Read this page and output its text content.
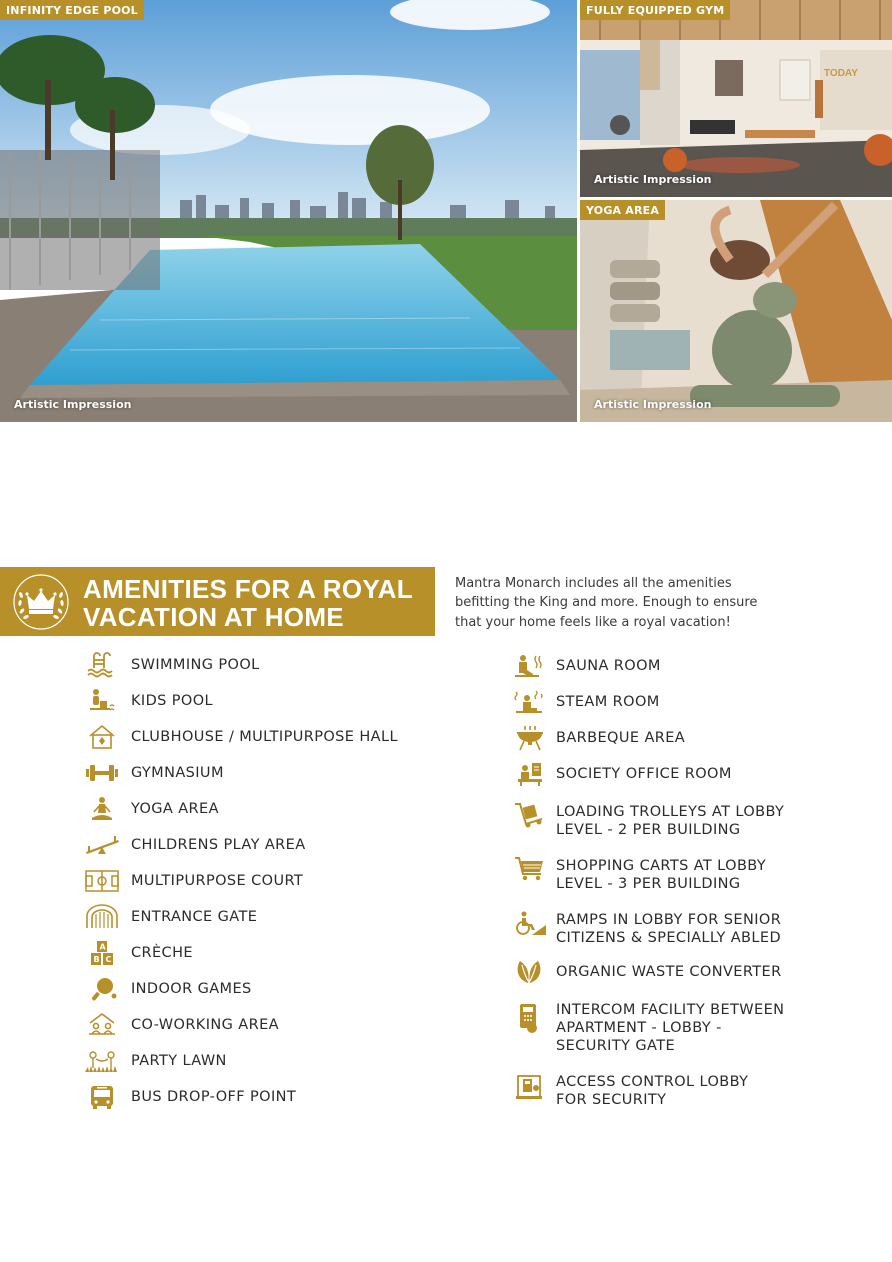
INFINITY EDGE POOL
Artistic Impression
TODAY
FULLY EQUIPPED GYM
Artistic Impression
YOGA AREA
Artistic Impression
AMENITIES FOR A ROYAL
VACATION AT HOME
Mantra Monarch includes all the amenities
befitting the King and more. Enough to ensure
that your home feels like a royal vacation!
SWIMMING POOL
KIDS POOL
CLUBHOUSE / MULTIPURPOSE HALL
GYMNASIUM
YOGA AREA
CHILDRENS PLAY AREA
MULTIPURPOSE COURT
ENTRANCE GATE
A
B C CRÈCHE
INDOOR GAMES
CO-WORKING AREA
PARTY LAWN
BUS DROP-OFF POINT
SAUNA ROOM
STEAM ROOM
BARBEQUE AREA
SOCIETY OFFICE ROOM
LOADING TROLLEYS AT LOBBY
LEVEL - 2 PER BUILDING
SHOPPING CARTS AT LOBBY
LEVEL - 3 PER BUILDING
RAMPS IN LOBBY FOR SENIOR
CITIZENS & SPECIALLY ABLED
ORGANIC WASTE CONVERTER
INTERCOM FACILITY BETWEEN
APARTMENT - LOBBY -
SECURITY GATE
ACCESS CONTROL LOBBY
FOR SECURITY
